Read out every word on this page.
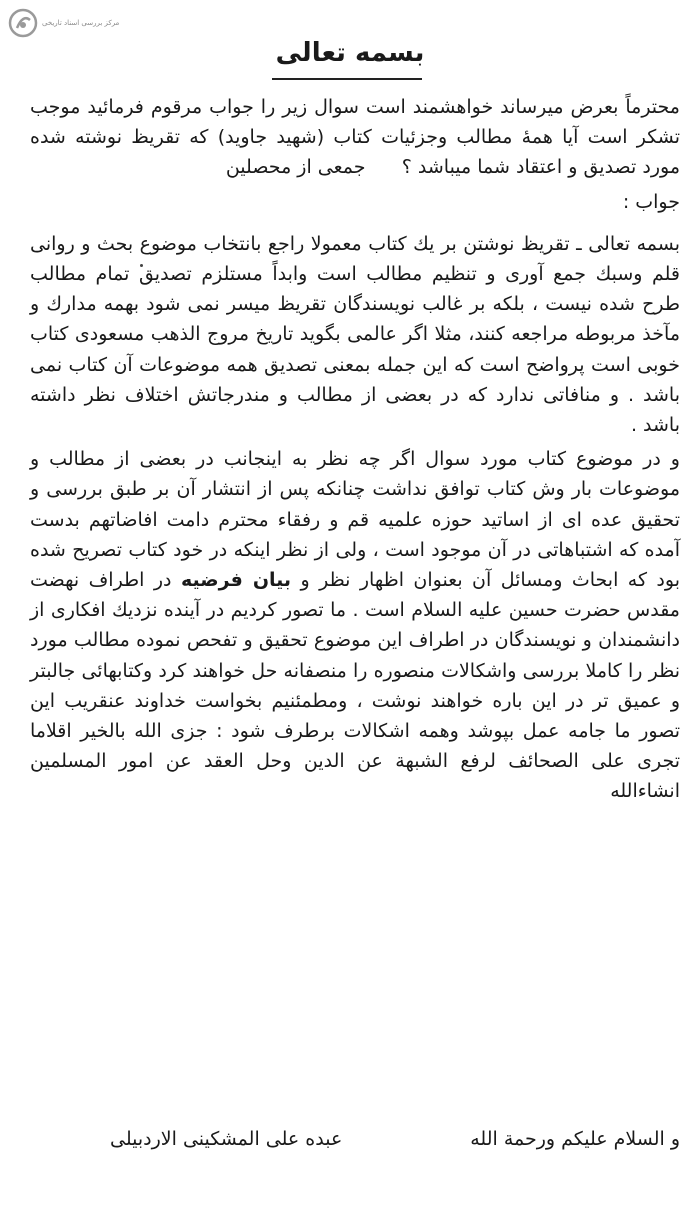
مرکز بررسی اسناد تاریخی
بسمه تعالی

محترماً بعرض میرساند خواهشمند است سوال زیر را جواب مرقوم فرمائید موجب تشکر است آیا همهٔ مطالب وجزئیات کتاب (شهید جاوید) که تقریظ نوشته شده مورد تصدیق و اعتقاد شما میباشد ؟      جمعی از محصلین

جواب :

بسمه تعالی ـ تقریظ نوشتن بر یك كتاب معمولا راجع بانتخاب موضوع بحث و روانی قلم وسبك جمع آوری و تنظیم مطالب است وابداً مستلزم تصدیق تمام مطالب طرح شده نیست ، بلكه بر غالب نویسندگان تقریظ میسر نمی شود بهمه مدارك و مآخذ مربوطه مراجعه كنند، مثلا اگر عالمی بگوید تاریخ مروج الذهب مسعودی كتاب خوبی است پرواضح است كه این جمله بمعنی تصدیق همه موضوعات آن كتاب نمی باشد . و منافاتی ندارد كه در بعضی از مطالب و مندرجاتش اختلاف نظر داشته باشد .

و در موضوع كتاب مورد سوال اگر چه نظر به اینجانب در بعضی از مطالب و موضوعات بار وش كتاب توافق نداشت چنانكه پس از انتشار آن بر طبق بررسی و تحقیق عده ای از اساتید حوزه علمیه قم و رفقاء محترم دامت افاضاتهم بدست آمده كه اشتباهاتی در آن موجود است ، ولی از نظر اینكه در خود كتاب تصریح شده بود كه ابحاث ومسائل آن بعنوان اظهار نظر و بیان فرضیه در اطراف نهضت مقدس حضرت حسین علیه السلام است . ما تصور كردیم در آینده نزدیك افكاری از دانشمندان و نویسندگان در اطراف این موضوع تحقیق و تفحص نموده مطالب مورد نظر را كاملا بررسی واشكالات منصوره را منصفانه حل خواهند كرد وكتابهائی جالبتر و عمیق تر در این باره خواهند نوشت ، ومطمئنیم بخواست خداوند عنقریب این تصور ما جامه عمل بپوشد وهمه اشكالات برطرف شود : جزی الله بالخیر اقلاما تجری علی الصحائف لرفع الشبهة عن الدین وحل العقد عن امور المسلمین انشاءالله

و السلام علیكم ورحمة الله
عبده علی المشكینی الاردبیلی
